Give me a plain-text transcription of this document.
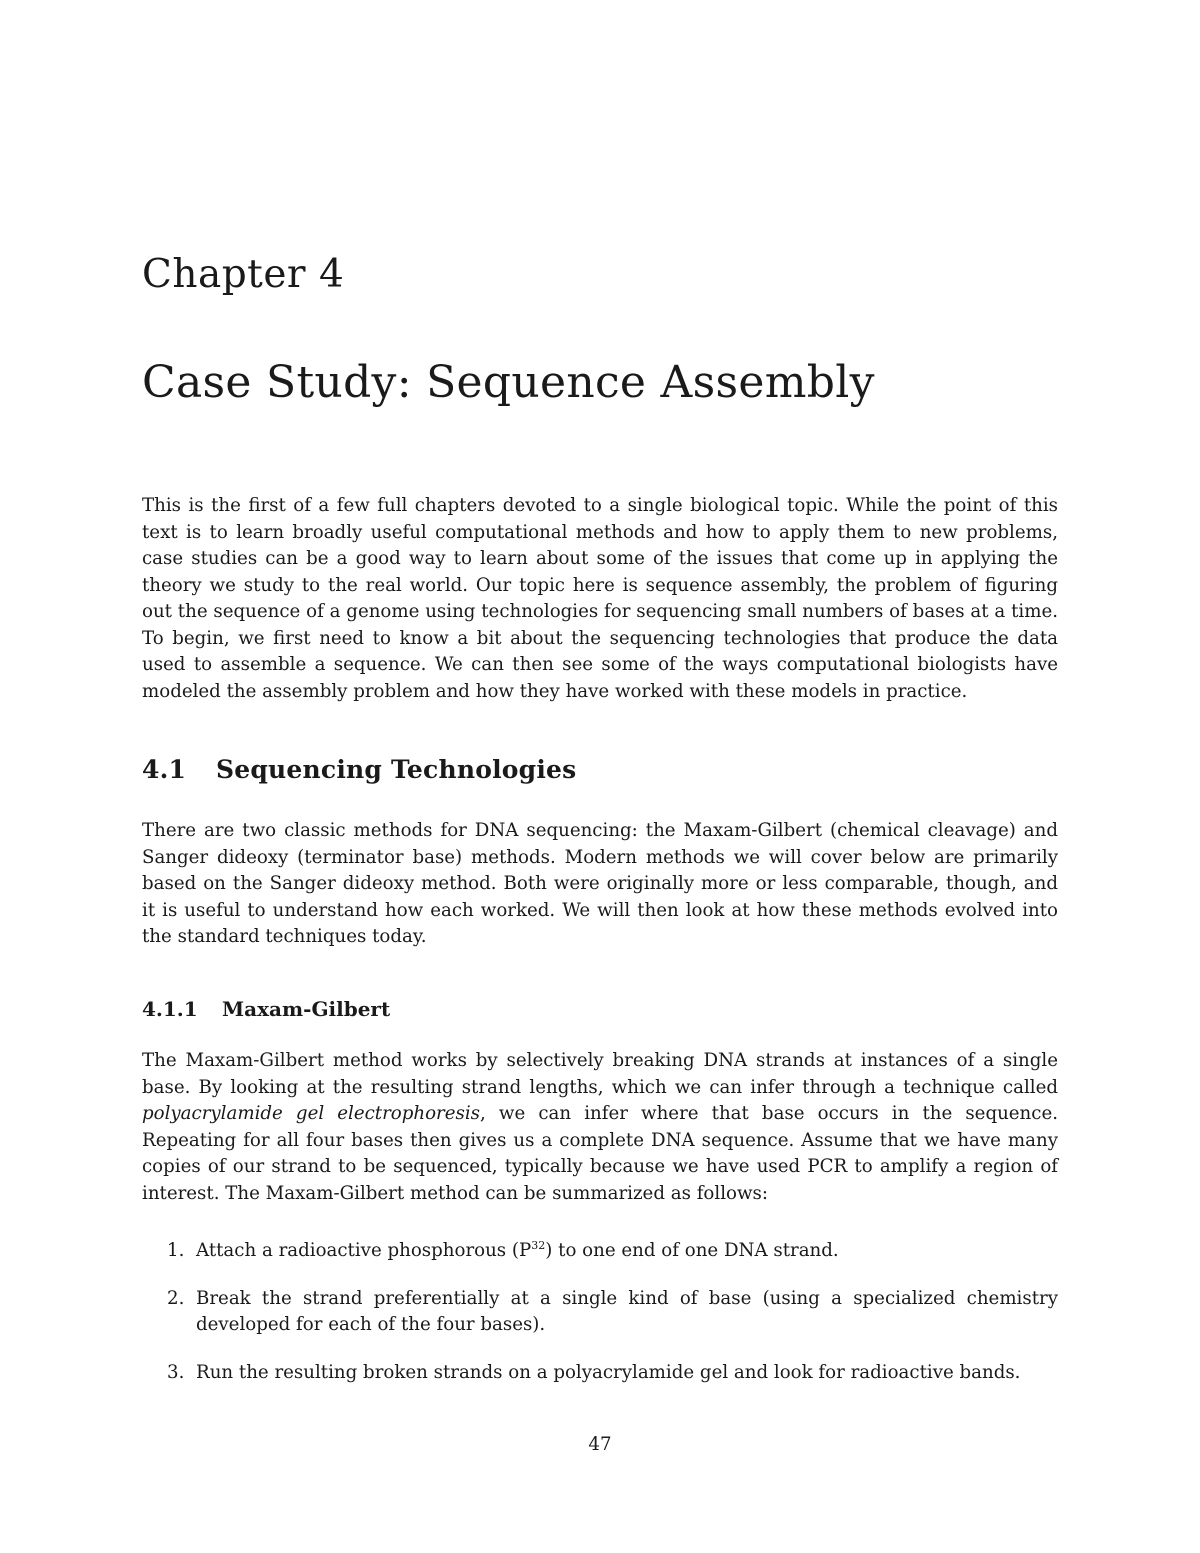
Chapter 4
Case Study: Sequence Assembly

This is the first of a few full chapters devoted to a single biological topic. While the point of this text is to learn broadly useful computational methods and how to apply them to new problems, case studies can be a good way to learn about some of the issues that come up in applying the theory we study to the real world. Our topic here is sequence assembly, the problem of figuring out the sequence of a genome using technologies for sequencing small numbers of bases at a time. To begin, we first need to know a bit about the sequencing technologies that produce the data used to assemble a sequence. We can then see some of the ways computational biologists have modeled the assembly problem and how they have worked with these models in practice.

4.1 Sequencing Technologies

There are two classic methods for DNA sequencing: the Maxam-Gilbert (chemical cleavage) and Sanger dideoxy (terminator base) methods. Modern methods we will cover below are primarily based on the Sanger dideoxy method. Both were originally more or less comparable, though, and it is useful to understand how each worked. We will then look at how these methods evolved into the standard techniques today.

4.1.1 Maxam-Gilbert

The Maxam-Gilbert method works by selectively breaking DNA strands at instances of a single base. By looking at the resulting strand lengths, which we can infer through a technique called polyacrylamide gel electrophoresis, we can infer where that base occurs in the sequence. Repeating for all four bases then gives us a complete DNA sequence. Assume that we have many copies of our strand to be sequenced, typically because we have used PCR to amplify a region of interest. The Maxam-Gilbert method can be summarized as follows:

1. Attach a radioactive phosphorous $(P^{32})$ to one end of one DNA strand.
2. Break the strand preferentially at a single kind of base (using a specialized chemistry developed for each of the four bases).
3. Run the resulting broken strands on a polyacrylamide gel and look for radioactive bands.
47
